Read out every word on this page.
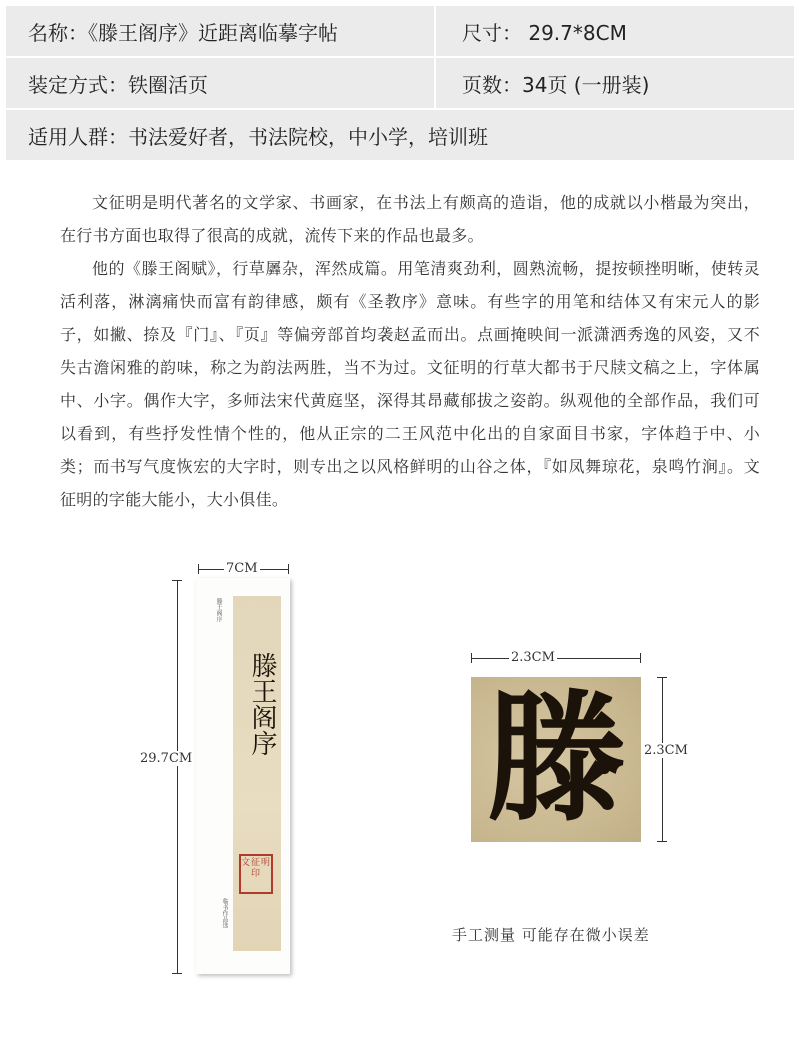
名称：《滕王阁序》近距离临摹字帖	尺寸： 29.7*8CM
装定方式：铁圈活页	页数：34页 (一册装)
适用人群：书法爱好者，书法院校，中小学，培训班

文征明是明代著名的文学家、书画家，在书法上有颇高的造诣，他的成就以小楷最为突出，在行书方面也取得了很高的成就，流传下来的作品也最多。

他的《滕王阁赋》，行草羼杂，浑然成篇。用笔清爽劲利，圆熟流畅，提按顿挫明晰，使转灵活利落，淋漓痛快而富有韵律感，颇有《圣教序》意味。有些字的用笔和结体又有宋元人的影子，如撇、捺及『门』、『页』等偏旁部首均袭赵孟而出。点画掩映间一派潇洒秀逸的风姿，又不失古澹闲雅的韵味，称之为韵法两胜，当不为过。文征明的行草大都书于尺牍文稿之上，字体属中、小字。偶作大字，多师法宋代黄庭坚，深得其昂藏郁拔之姿韵。纵观他的全部作品，我们可以看到，有些抒发性情个性的，他从正宗的二王风范中化出的自家面目书家，字体趋于中、小类；而书写气度恢宏的大字时，则专出之以风格鲜明的山谷之体，『如凤舞琼花，泉鸣竹涧』。文征明的字能大能小，大小俱佳。

7CM
29.7CM
滕王阁序
滕王阁序
文征明印
临书作品选
2.3CM
2.3CM
滕
手工测量 可能存在微小误差
